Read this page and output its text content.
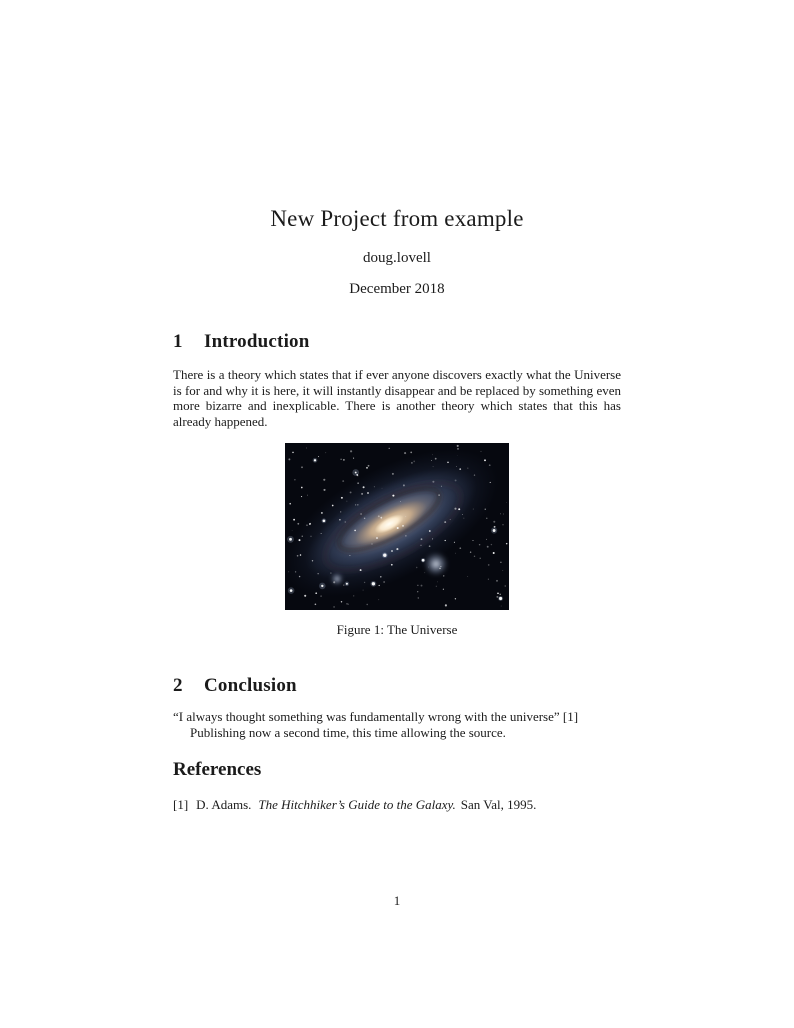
New Project from example
doug.lovell
December 2018
1 Introduction

There is a theory which states that if ever anyone discovers exactly what the Universe is for and why it is here, it will instantly disappear and be replaced by something even more bizarre and inexplicable. There is another theory which states that this has already happened.

Figure 1: The Universe
2 Conclusion
“I always thought something was fundamentally wrong with the universe” [1]
Publishing now a second time, this time allowing the source.
References
[1] D. Adams. The Hitchhiker’s Guide to the Galaxy. San Val, 1995.
1
